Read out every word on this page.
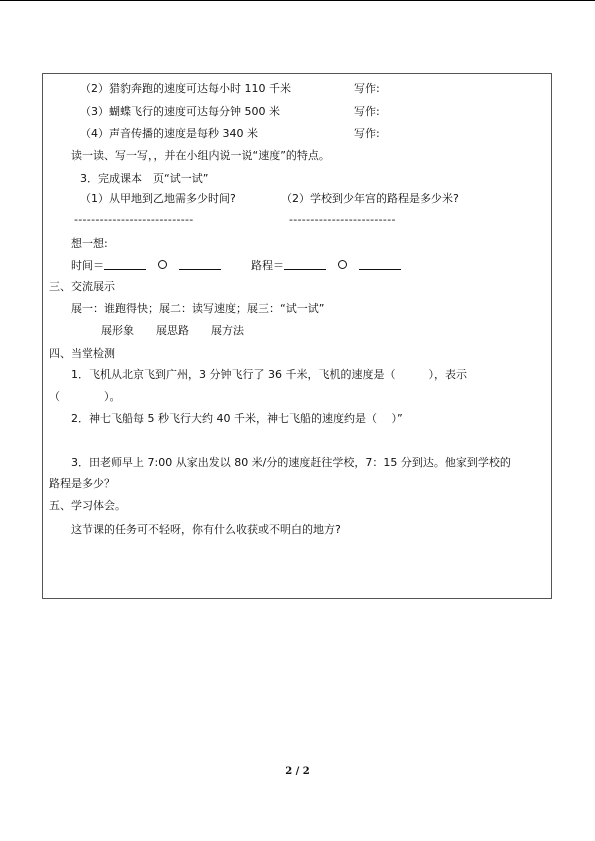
（2）猎豹奔跑的速度可达每小时 110 千米	写作:
（3）蝴蝶飞行的速度可达每分钟 500 米	写作:
（4）声音传播的速度是每秒 340 米	写作:
读一读、写一写，，并在小组内说一说“速度”的特点。
3．完成课本　页“试一试”
（1）从甲地到乙地需多少时间?	（2）学校到少年宫的路程是多少米?
----------------------------	-------------------------
想一想:
时间＝	路程＝
三、交流展示
展一：谁跑得快；展二：读写速度；展三：“试一试”
展形象　　展思路　　展方法
四、当堂检测
1．飞机从北京飞到广州，3 分钟飞行了 36 千米，飞机的速度是（　　　），表示
（　　　　）。
2．神七飞船每 5 秒飞行大约 40 千米，神七飞船的速度约是（　 ）”
3．田老师早上 7:00 从家出发以 80 米/分的速度赶往学校，7：15 分到达。他家到学校的
路程是多少？
五、学习体会。
这节课的任务可不轻呀，你有什么收获或不明白的地方?
2 / 2
